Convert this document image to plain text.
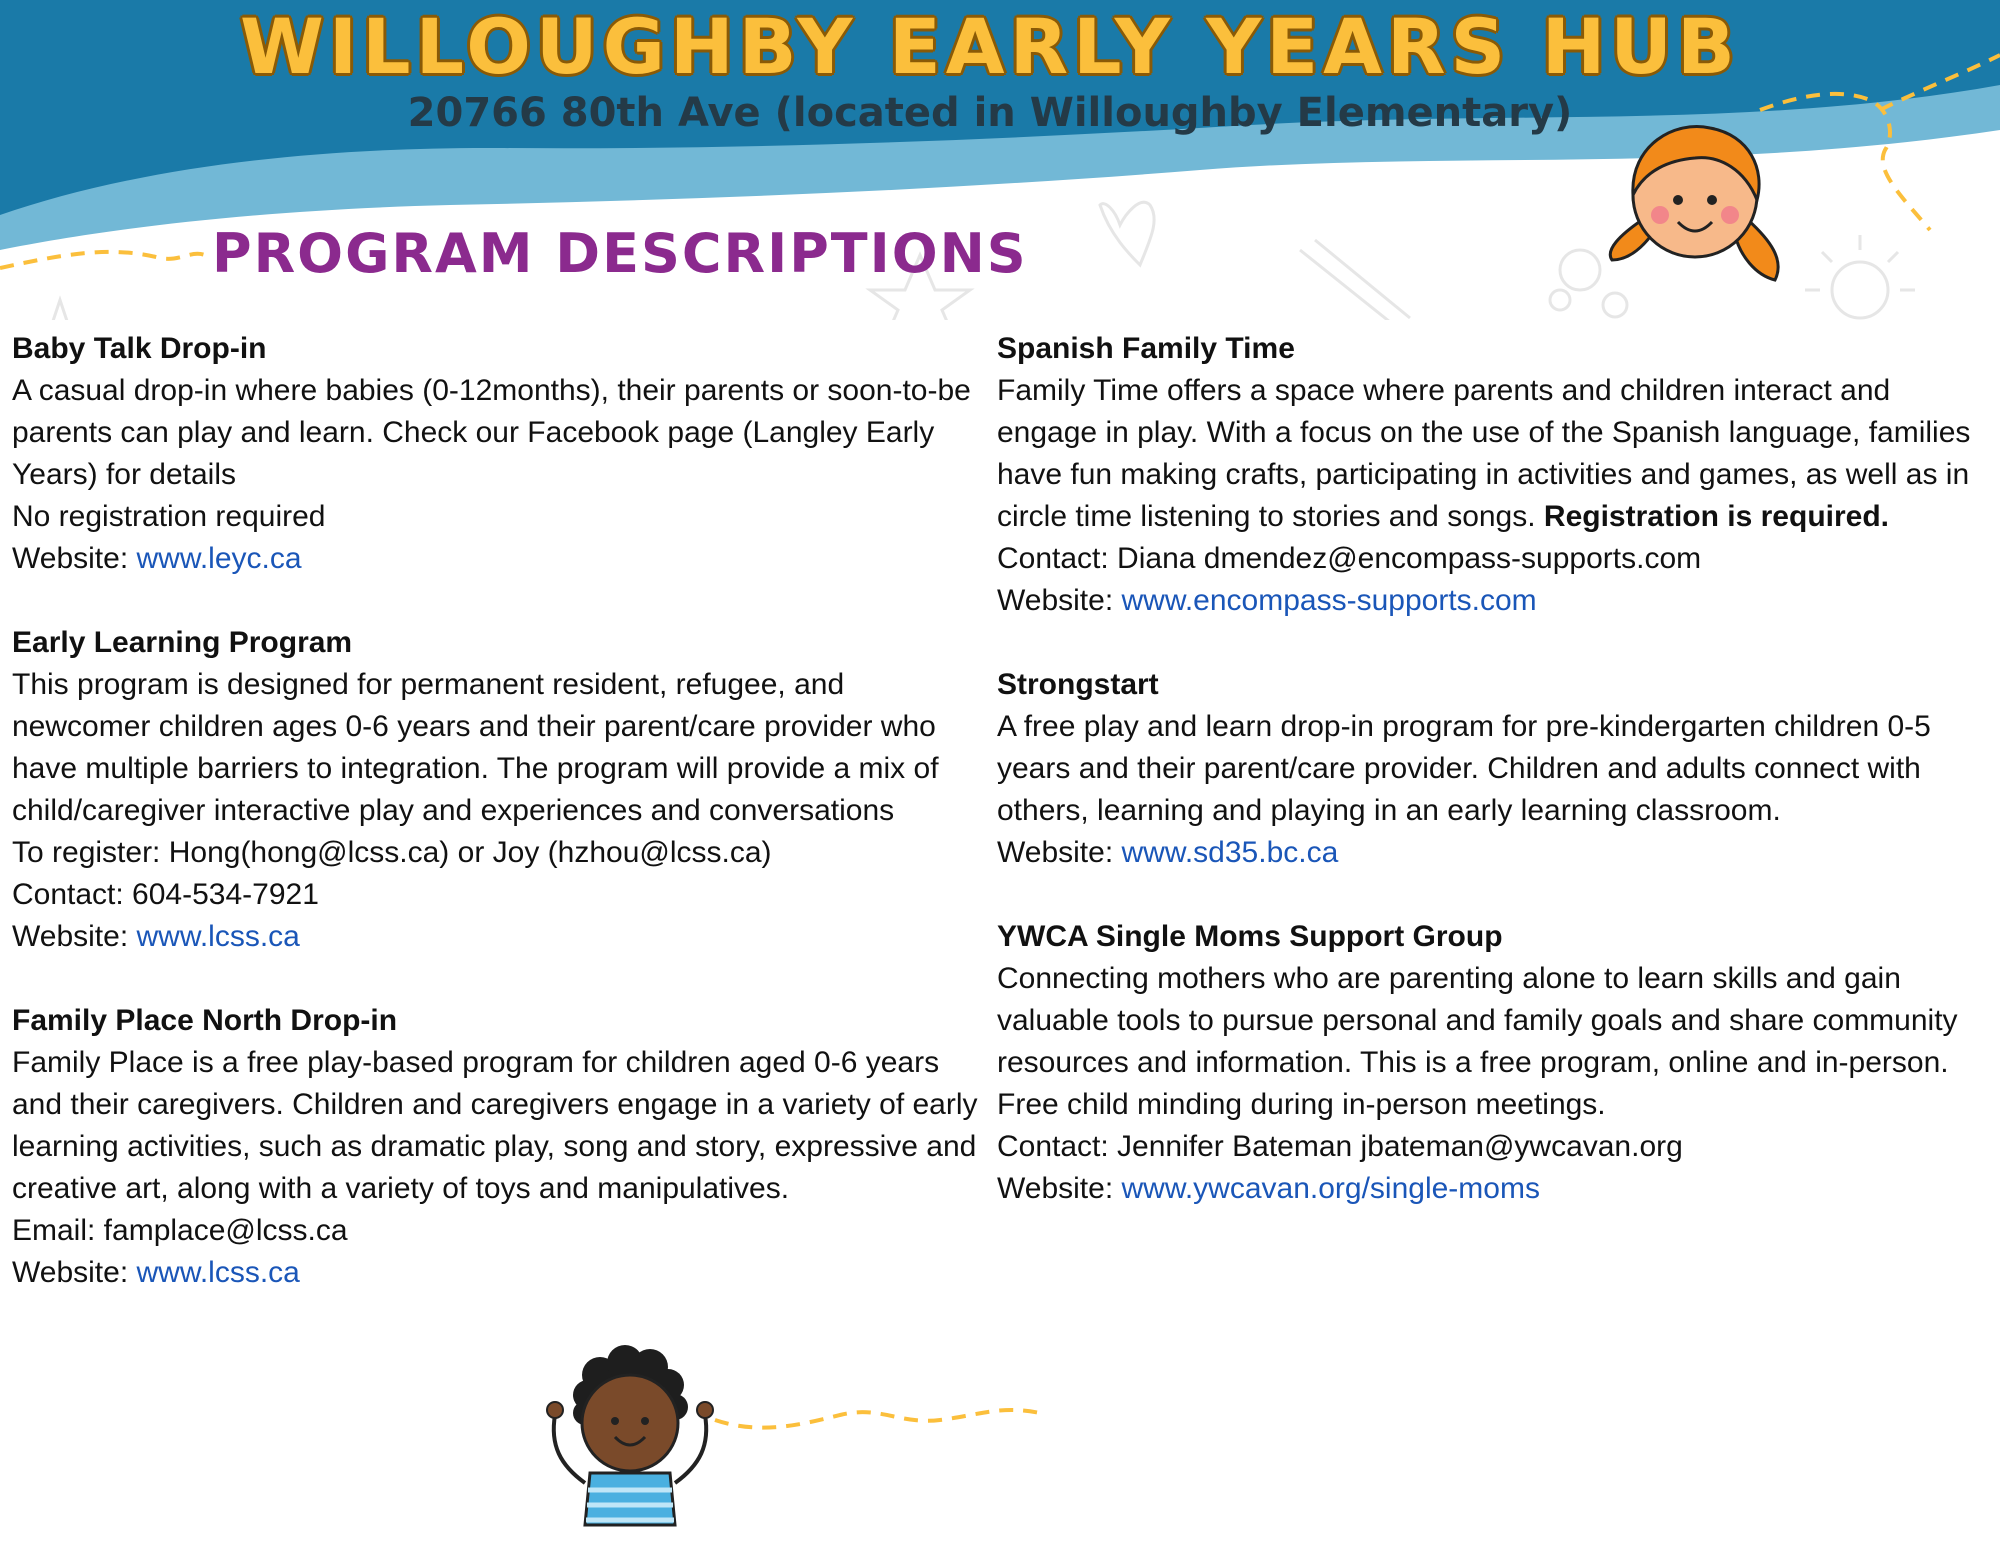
WILLOUGHBY EARLY YEARS HUB
20766 80th Ave (located in Willoughby Elementary)
PROGRAM DESCRIPTIONS
Baby Talk Drop-in
A casual drop-in where babies (0-12months), their parents or soon-to-be
parents can play and learn. Check our Facebook page (Langley Early
Years) for details
No registration required
Website: www.leyc.ca
Early Learning Program
This program is designed for permanent resident, refugee, and
newcomer children ages 0-6 years and their parent/care provider who
have multiple barriers to integration. The program will provide a mix of
child/caregiver interactive play and experiences and conversations
To register: Hong(hong@lcss.ca) or Joy (hzhou@lcss.ca)
Contact: 604-534-7921
Website: www.lcss.ca
Family Place North Drop-in
Family Place is a free play-based program for children aged 0-6 years
and their caregivers. Children and caregivers engage in a variety of early
learning activities, such as dramatic play, song and story, expressive and
creative art, along with a variety of toys and manipulatives.
Email: famplace@lcss.ca
Website: www.lcss.ca
Spanish Family Time
Family Time offers a space where parents and children interact and
engage in play. With a focus on the use of the Spanish language, families
have fun making crafts, participating in activities and games, as well as in
circle time listening to stories and songs. Registration is required.
Contact: Diana dmendez@encompass-supports.com
Website: www.encompass-supports.com
Strongstart
A free play and learn drop-in program for pre-kindergarten children 0-5
years and their parent/care provider. Children and adults connect with
others, learning and playing in an early learning classroom.
Website: www.sd35.bc.ca
YWCA Single Moms Support Group
Connecting mothers who are parenting alone to learn skills and gain
valuable tools to pursue personal and family goals and share community
resources and information. This is a free program, online and in-person.
Free child minding during in-person meetings.
Contact: Jennifer Bateman jbateman@ywcavan.org
Website: www.ywcavan.org/single-moms
